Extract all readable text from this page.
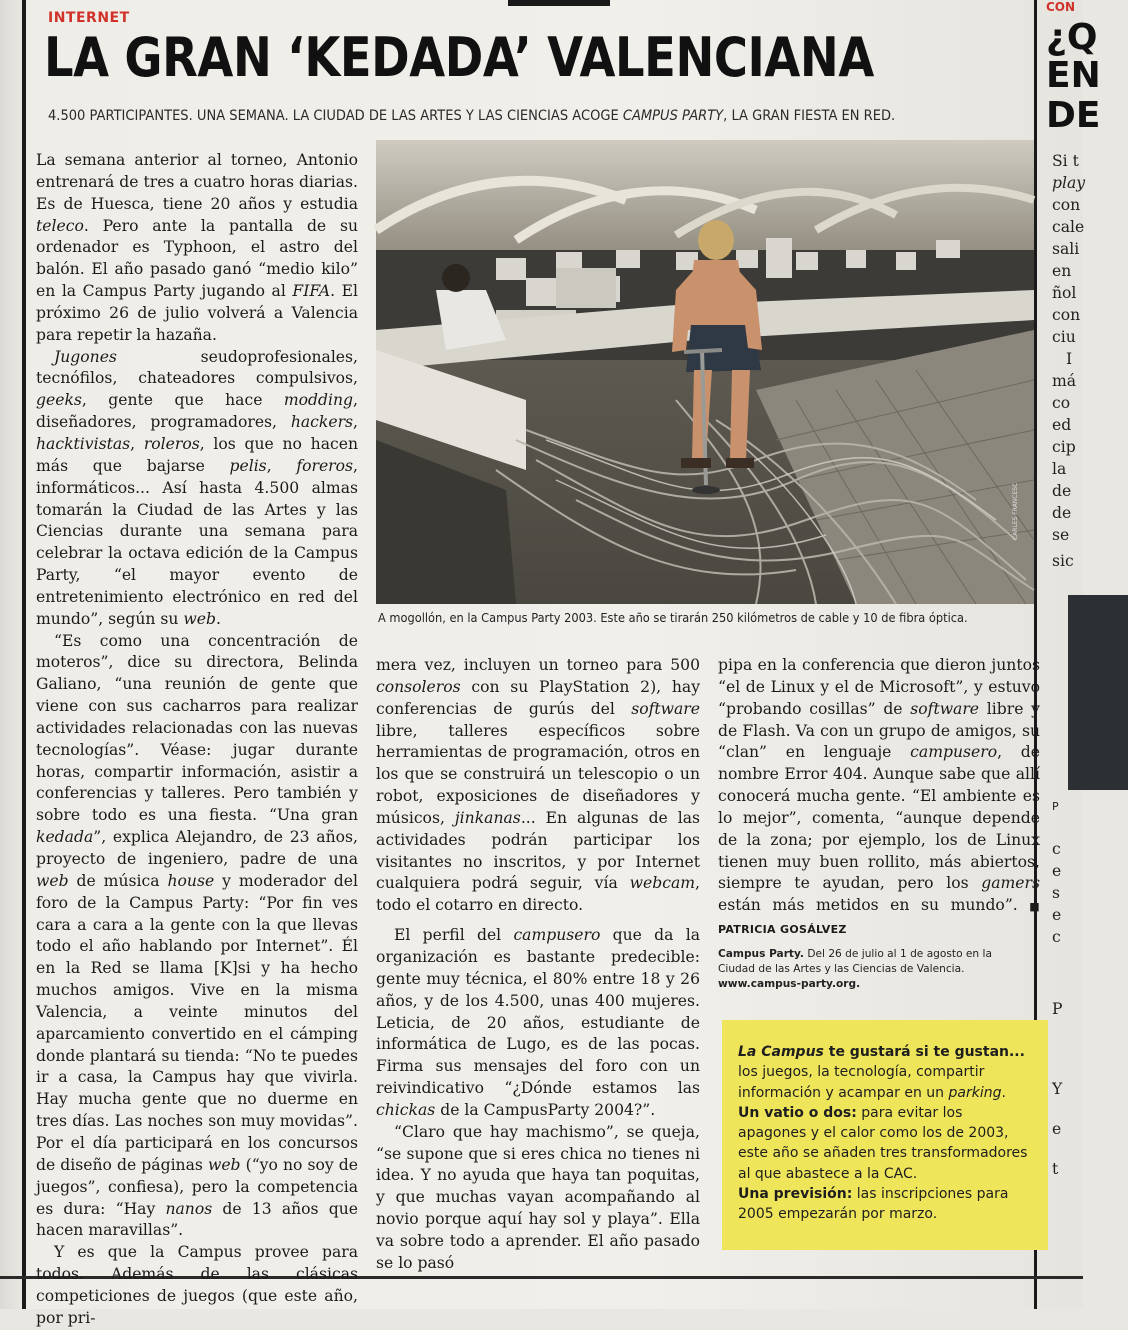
INTERNET
LA GRAN ‘KEDADA’ VALENCIANA
4.500 PARTICIPANTES. UNA SEMANA. LA CIUDAD DE LAS ARTES Y LAS CIENCIAS ACOGE CAMPUS PARTY, LA GRAN FIESTA EN RED.

La semana anterior al torneo, Antonio entrenará de tres a cuatro horas diarias. Es de Huesca, tiene 20 años y estudia teleco. Pero ante la pantalla de su ordenador es Typhoon, el astro del balón. El año pasado ganó “medio kilo” en la Campus Party jugando al FIFA. El próximo 26 de julio volverá a Valencia para repetir la hazaña.

Jugones seudoprofesionales, tecnófilos, chateadores compulsivos, geeks, gente que hace modding, diseñadores, programadores, hackers, hacktivistas, roleros, los que no hacen más que bajarse pelis, foreros, informáticos... Así hasta 4.500 almas tomarán la Ciudad de las Artes y las Ciencias durante una semana para celebrar la octava edición de la Campus Party, “el mayor evento de entretenimiento electrónico en red del mundo”, según su web.

“Es como una concentración de moteros”, dice su directora, Belinda Galiano, “una reunión de gente que viene con sus cacharros para realizar actividades relacionadas con las nuevas tecnologías”. Véase: jugar durante horas, compartir información, asistir a conferencias y talleres. Pero también y sobre todo es una fiesta. “Una gran kedada”, explica Alejandro, de 23 años, proyecto de ingeniero, padre de una web de música house y moderador del foro de la Campus Party: “Por fin ves cara a cara a la gente con la que llevas todo el año hablando por Internet”. Él en la Red se llama [K]si y ha hecho muchos amigos. Vive en la misma Valencia, a veinte minutos del aparcamiento convertido en el cámping donde plantará su tienda: “No te puedes ir a casa, la Campus hay que vivirla. Hay mucha gente que no duerme en tres días. Las noches son muy movidas”. Por el día participará en los concursos de diseño de páginas web (“yo no soy de juegos”, confiesa), pero la competencia es dura: “Hay nanos de 13 años que hacen maravillas”.

Y es que la Campus provee para todos. Además de las clásicas competiciones de juegos (que este año, por pri-

CARLES FRANCESC
A mogollón, en la Campus Party 2003. Este año se tirarán 250 kilómetros de cable y 10 de fibra óptica.

mera vez, incluyen un torneo para 500 consoleros con su PlayStation 2), hay conferencias de gurús del software libre, talleres específicos sobre herramientas de programación, otros en los que se construirá un telescopio o un robot, exposiciones de diseñadores y músicos, jinkanas... En algunas de las actividades podrán participar los visitantes no inscritos, y por Internet cualquiera podrá seguir, vía webcam, todo el cotarro en directo.

El perfil del campusero que da la organización es bastante predecible: gente muy técnica, el 80% entre 18 y 26 años, y de los 4.500, unas 400 mujeres. Leticia, de 20 años, estudiante de informática de Lugo, es de las pocas. Firma sus mensajes del foro con un reivindicativo “¿Dónde estamos las chickas de la CampusParty 2004?”.

“Claro que hay machismo”, se queja, “se supone que si eres chica no tienes ni idea. Y no ayuda que haya tan poquitas, y que muchas vayan acompañando al novio porque aquí hay sol y playa”. Ella va sobre todo a aprender. El año pasado se lo pasó

pipa en la conferencia que dieron juntos “el de Linux y el de Microsoft”, y estuvo “probando cosillas” de software libre y de Flash. Va con un grupo de amigos, su “clan” en lenguaje campusero, de nombre Error 404. Aunque sabe que allí conocerá mucha gente. “El ambiente es lo mejor”, comenta, “aunque depende de la zona; por ejemplo, los de Linux tienen muy buen rollito, más abiertos, siempre te ayudan, pero los gamers están más metidos en su mundo”. ■ PATRICIA GOSÁLVEZ

Campus Party. Del 26 de julio al 1 de agosto en la Ciudad de las Artes y las Ciencias de Valencia.
www.campus-party.org.

La Campus te gustará si te gustan...

los juegos, la tecnología, compartir información y acampar en un parking.

Un vatio o dos: para evitar los apagones y el calor como los de 2003, este año se añaden tres transformadores al que abastece a la CAC.

Una previsión: las inscripciones para 2005 empezarán por marzo.

CON
¿Q
EN
DE
Si t
play
con
cale
sali
en
ñol
con
ciu
I
má
co
ed
cip
la
de
de
se
sic
P
c
e
s
e
c
P
Y
e
t
